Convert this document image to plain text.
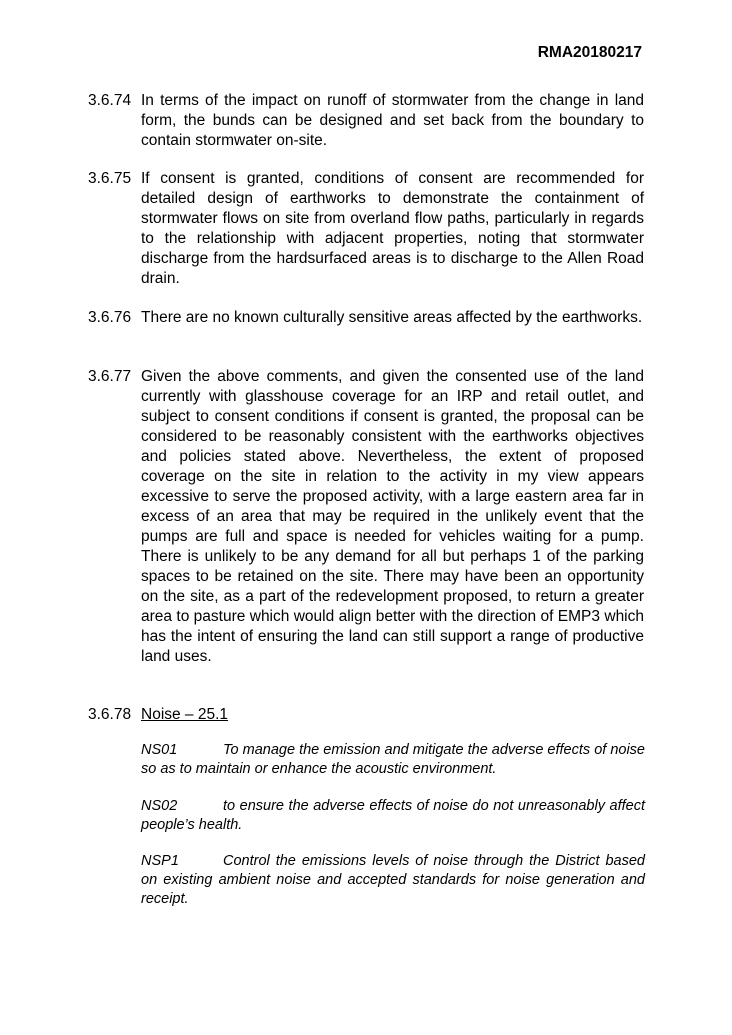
RMA20180217
3.6.74 In terms of the impact on runoff of stormwater from the change in land form, the bunds can be designed and set back from the boundary to contain stormwater on-site.
3.6.75 If consent is granted, conditions of consent are recommended for detailed design of earthworks to demonstrate the containment of stormwater flows on site from overland flow paths, particularly in regards to the relationship with adjacent properties, noting that stormwater discharge from the hardsurfaced areas is to discharge to the Allen Road drain.
3.6.76 There are no known culturally sensitive areas affected by the earthworks.
3.6.77 Given the above comments, and given the consented use of the land currently with glasshouse coverage for an IRP and retail outlet, and subject to consent conditions if consent is granted, the proposal can be considered to be reasonably consistent with the earthworks objectives and policies stated above. Nevertheless, the extent of proposed coverage on the site in relation to the activity in my view appears excessive to serve the proposed activity, with a large eastern area far in excess of an area that may be required in the unlikely event that the pumps are full and space is needed for vehicles waiting for a pump. There is unlikely to be any demand for all but perhaps 1 of the parking spaces to be retained on the site. There may have been an opportunity on the site, as a part of the redevelopment proposed, to return a greater area to pasture which would align better with the direction of EMP3 which has the intent of ensuring the land can still support a range of productive land uses.
3.6.78 Noise – 25.1
NS01	To manage the emission and mitigate the adverse effects of noise so as to maintain or enhance the acoustic environment.
NS02	to ensure the adverse effects of noise do not unreasonably affect people’s health.
NSP1	Control the emissions levels of noise through the District based on existing ambient noise and accepted standards for noise generation and receipt.
